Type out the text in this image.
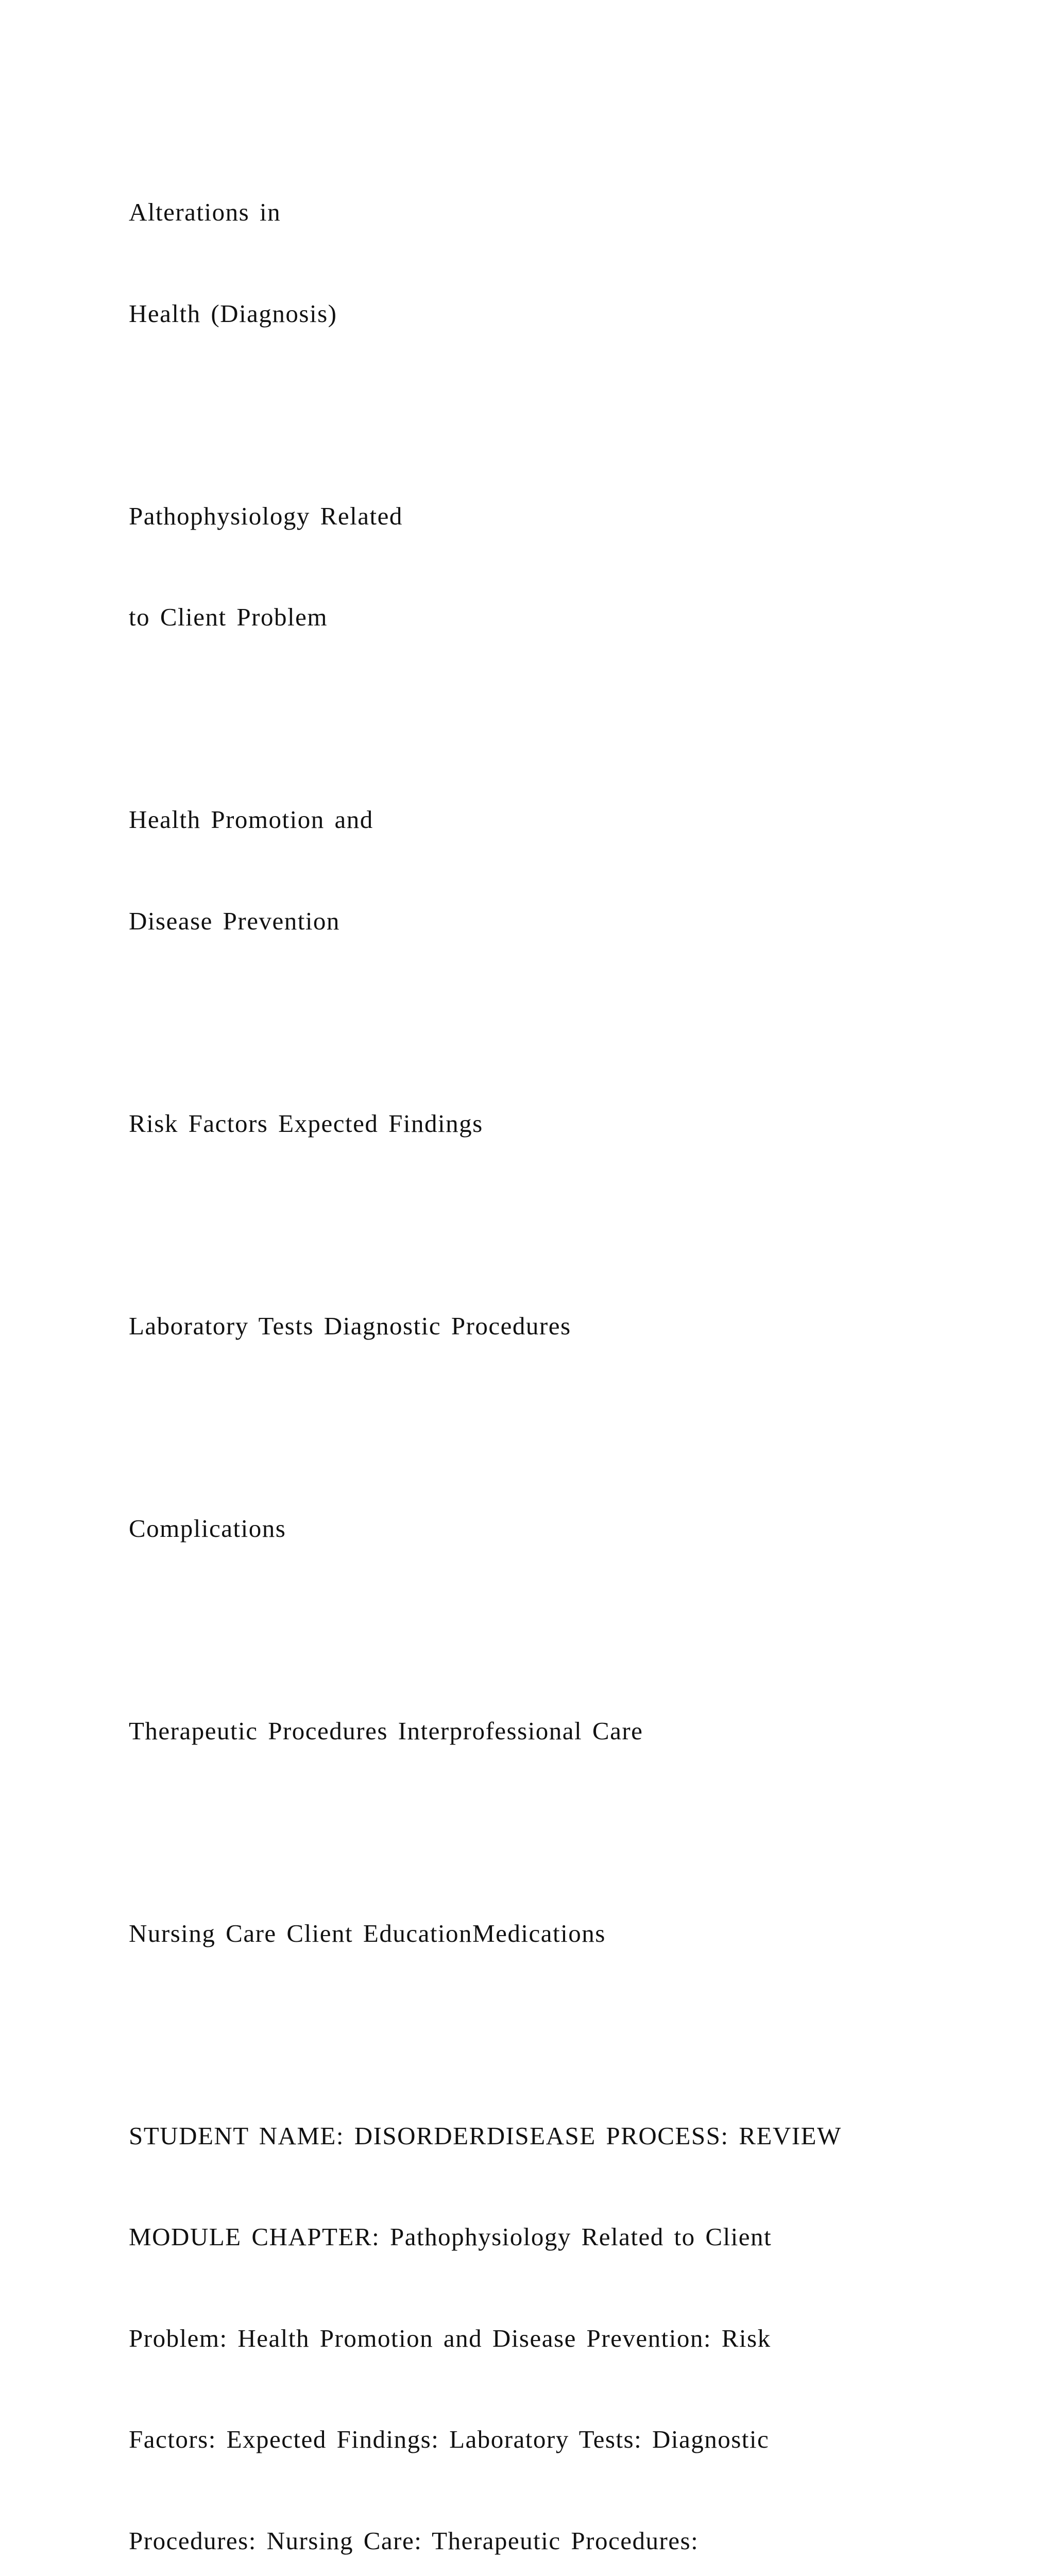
Alterations in

Health (Diagnosis)

Pathophysiology Related

to Client Problem

Health Promotion and

Disease Prevention

Risk Factors Expected Findings

Laboratory Tests Diagnostic Procedures

Complications

Therapeutic Procedures Interprofessional Care

Nursing Care Client EducationMedications

STUDENT NAME: DISORDERDISEASE PROCESS: REVIEW

MODULE CHAPTER: Pathophysiology Related to Client

Problem: Health Promotion and Disease Prevention: Risk

Factors: Expected Findings: Laboratory Tests: Diagnostic

Procedures: Nursing Care: Therapeutic Procedures:
